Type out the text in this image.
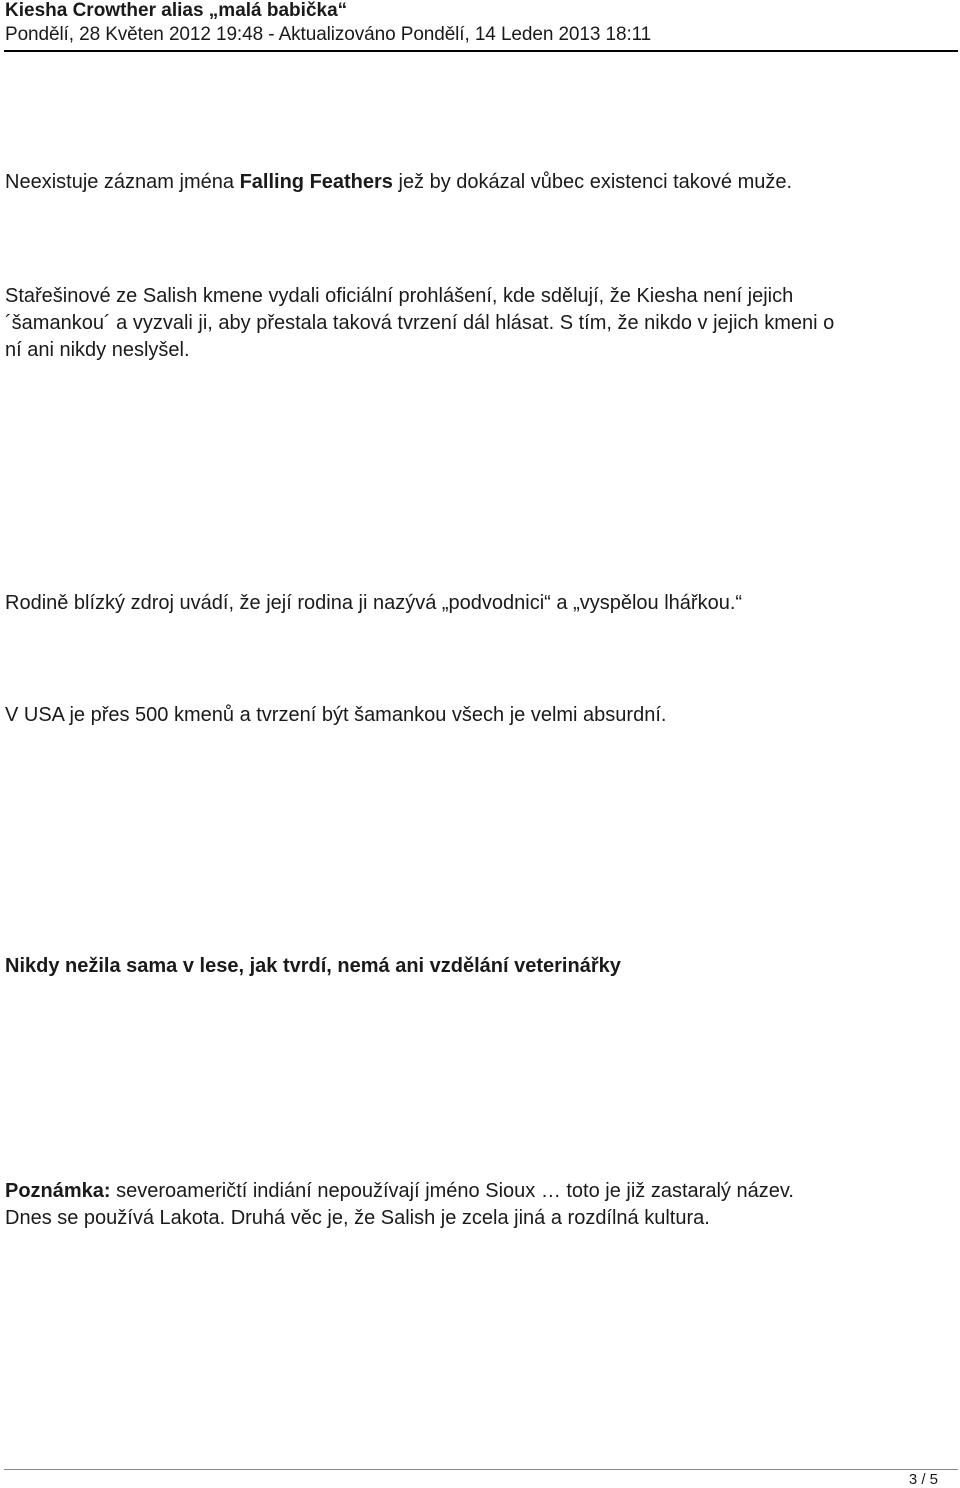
Kiesha Crowther alias „malá babička“
Pondělí, 28 Květen 2012 19:48 - Aktualizováno Pondělí, 14 Leden 2013 18:11

Neexistuje záznam jména Falling Feathers jež by dokázal vůbec existenci takové muže.

Stařešinové ze Salish kmene vydali oficiální prohlášení, kde sdělují, že Kiesha není jejich
´šamankou´ a vyzvali ji, aby přestala taková tvrzení dál hlásat. S tím, že nikdo v jejich kmeni o
ní ani nikdy neslyšel.

Rodině blízký zdroj uvádí, že její rodina ji nazývá „podvodnici“ a „vyspělou lhářkou.“

V USA je přes 500 kmenů a tvrzení být šamankou všech je velmi absurdní.

Nikdy nežila sama v lese, jak tvrdí, nemá ani vzdělání veterinářky

Poznámka: severoameričtí indiání nepoužívají jméno Sioux … toto je již zastaralý název.
Dnes se používá Lakota. Druhá věc je, že Salish je zcela jiná a rozdílná kultura.

3 / 5
